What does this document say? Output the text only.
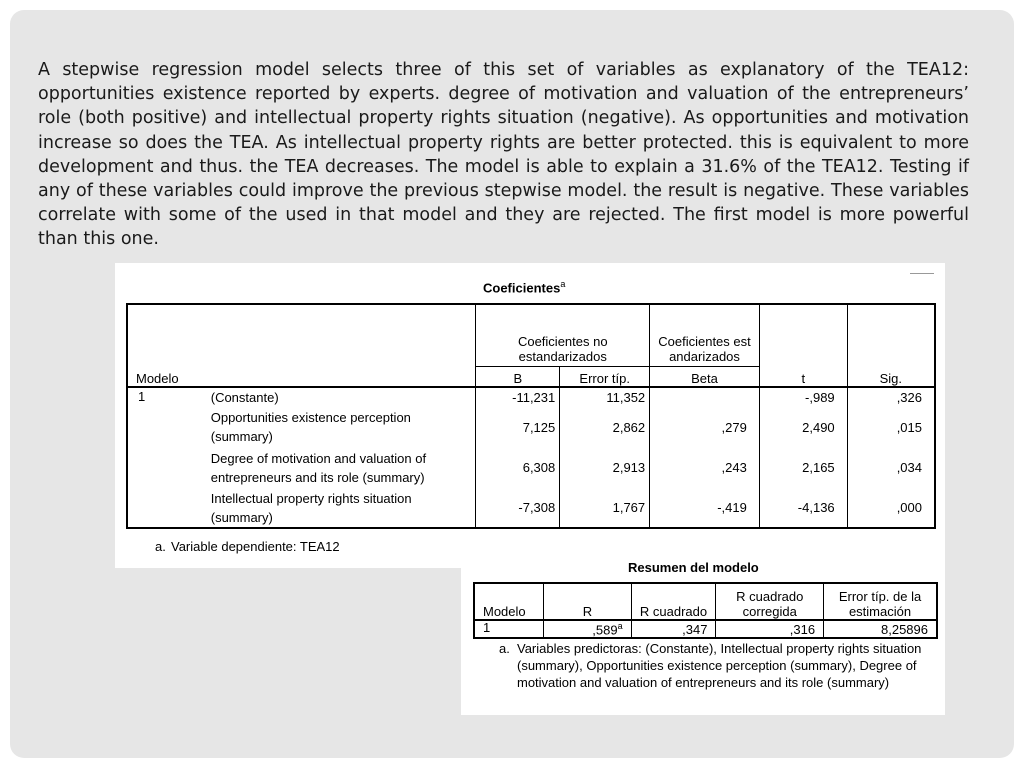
A stepwise regression model selects three of this set of variables as explanatory of the TEA12: opportunities existence reported by experts. degree of motivation and valuation of the entrepreneurs’ role (both positive) and intellectual property rights situation (negative). As opportunities and motivation increase so does the TEA. As intellectual property rights are better protected. this is equivalent to more development and thus. the TEA decreases. The model is able to explain a 31.6% of the TEA12. Testing if any of these variables could improve the previous stepwise model. the result is negative. These variables correlate with some of the used in that model and they are rejected. The first model is more powerful than this one.

Coeficientes$^a$
		Coeficientes no estandarizados		Coeficientes estandarizados		
Modelo		B	Error típ.	Beta	t	Sig.
1	(Constante)	-11,231	11,352		-,989	,326
	Opportunities existence perception (summary)	7,125	2,862	,279	2,490	,015
	Degree of motivation and valuation of entrepreneurs and its role (summary)	6,308	2,913	,243	2,165	,034
	Intellectual property rights situation (summary)	-7,308	1,767	-,419	-4,136	,000
a. Variable dependiente: TEA12
Resumen del modelo
Modelo	R	R cuadrado	R cuadrado corregida	Error típ. de la estimación
1	,589$^a$	,347	,316	8,25896
a. Variables predictoras: (Constante), Intellectual property rights situation (summary), Opportunities existence perception (summary), Degree of motivation and valuation of entrepreneurs and its role (summary)
